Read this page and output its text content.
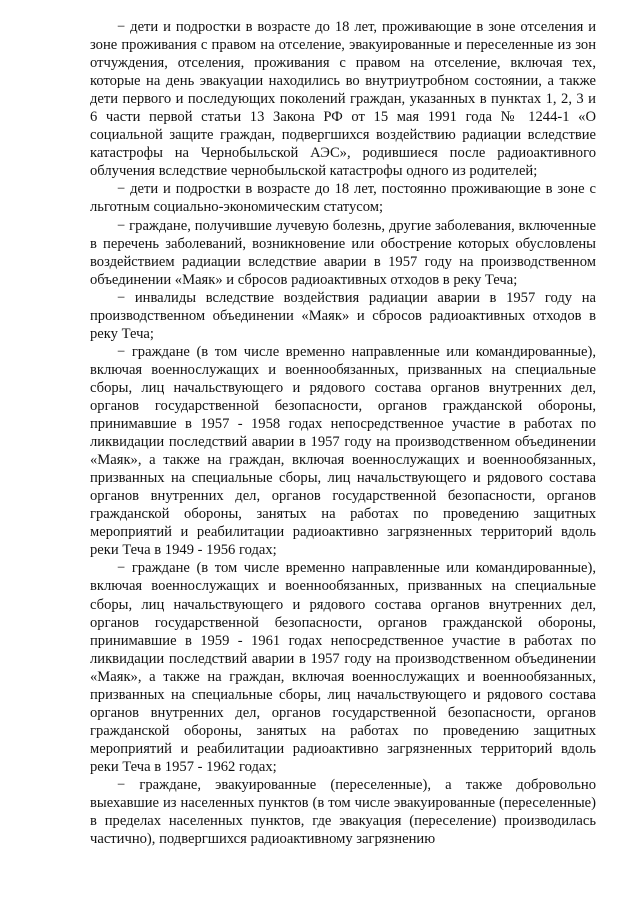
− дети и подростки в возрасте до 18 лет, проживающие в зоне отселения и зоне проживания с правом на отселение, эвакуированные и переселенные из зон отчуждения, отселения, проживания с правом на отселение, включая тех, которые на день эвакуации находились во внутриутробном состоянии, а также дети первого и последующих поколений граждан, указанных в пунктах 1, 2, 3 и 6 части первой статьи 13 Закона РФ от 15 мая 1991 года № 1244-1 «О социальной защите граждан, подвергшихся воздействию радиации вследствие катастрофы на Чернобыльской АЭС», родившиеся после радиоактивного облучения вследствие чернобыльской катастрофы одного из родителей;

− дети и подростки в возрасте до 18 лет, постоянно проживающие в зоне с льготным социально-экономическим статусом;

− граждане, получившие лучевую болезнь, другие заболевания, включенные в перечень заболеваний, возникновение или обострение которых обусловлены воздействием радиации вследствие аварии в 1957 году на производственном объединении «Маяк» и сбросов радиоактивных отходов в реку Теча;

− инвалиды вследствие воздействия радиации аварии в 1957 году на производственном объединении «Маяк» и сбросов радиоактивных отходов в реку Теча;

− граждане (в том числе временно направленные или командированные), включая военнослужащих и военнообязанных, призванных на специальные сборы, лиц начальствующего и рядового состава органов внутренних дел, органов государственной безопасности, органов гражданской обороны, принимавшие в 1957 - 1958 годах непосредственное участие в работах по ликвидации последствий аварии в 1957 году на производственном объединении «Маяк», а также на граждан, включая военнослужащих и военнообязанных, призванных на специальные сборы, лиц начальствующего и рядового состава органов внутренних дел, органов государственной безопасности, органов гражданской обороны, занятых на работах по проведению защитных мероприятий и реабилитации радиоактивно загрязненных территорий вдоль реки Теча в 1949 - 1956 годах;

− граждане (в том числе временно направленные или командированные), включая военнослужащих и военнообязанных, призванных на специальные сборы, лиц начальствующего и рядового состава органов внутренних дел, органов государственной безопасности, органов гражданской обороны, принимавшие в 1959 - 1961 годах непосредственное участие в работах по ликвидации последствий аварии в 1957 году на производственном объединении «Маяк», а также на граждан, включая военнослужащих и военнообязанных, призванных на специальные сборы, лиц начальствующего и рядового состава органов внутренних дел, органов государственной безопасности, органов гражданской обороны, занятых на работах по проведению защитных мероприятий и реабилитации радиоактивно загрязненных территорий вдоль реки Теча в 1957 - 1962 годах;

− граждане, эвакуированные (переселенные), а также добровольно выехавшие из населенных пунктов (в том числе эвакуированные (переселенные) в пределах населенных пунктов, где эвакуация (переселение) производилась частично), подвергшихся радиоактивному загрязнению
